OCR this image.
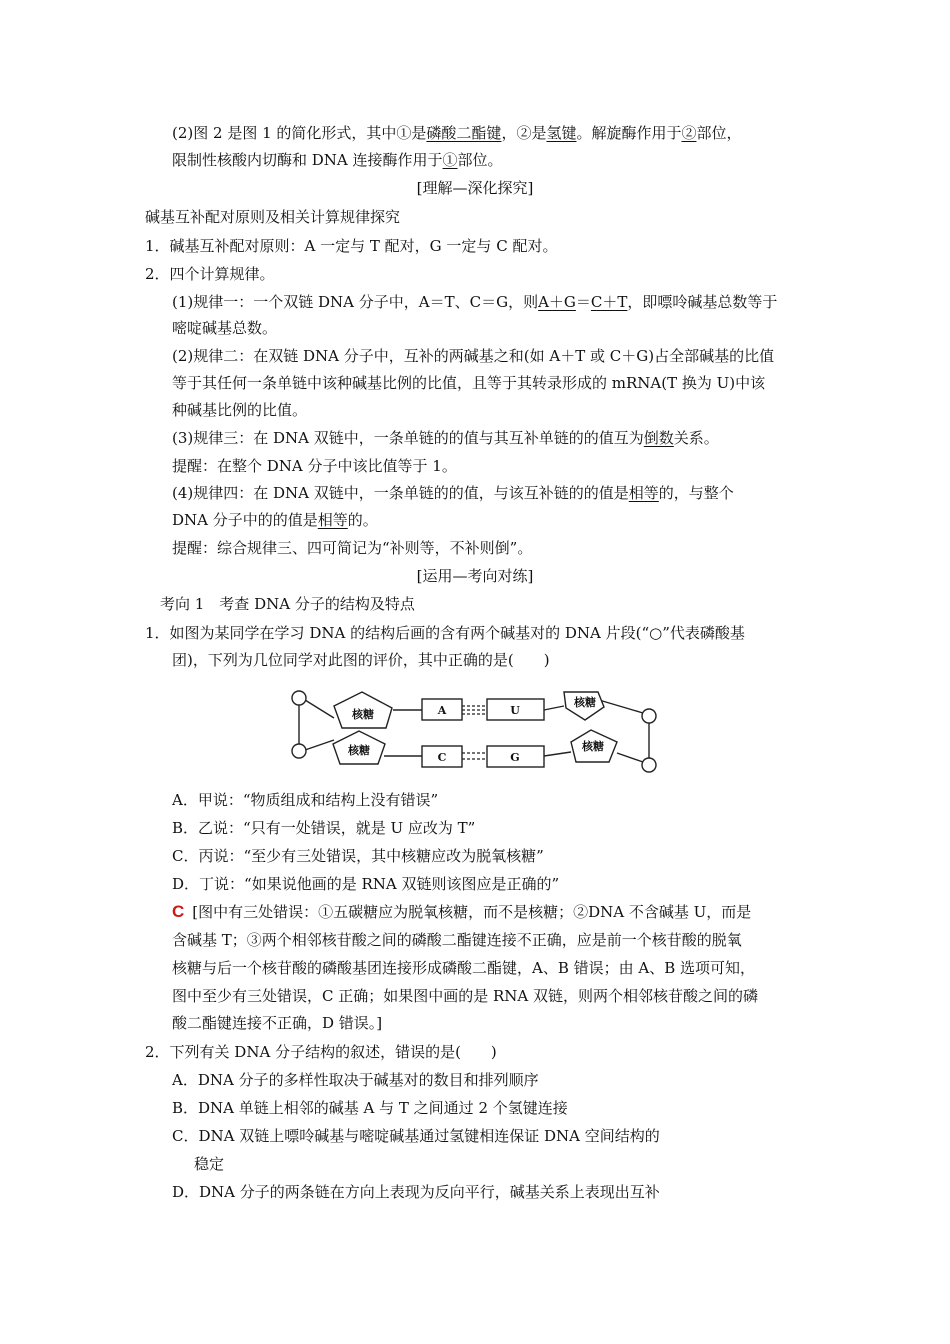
(2)图 2 是图 1 的简化形式，其中①是磷酸二酯键，②是氢键。解旋酶作用于②部位，
限制性核酸内切酶和 DNA 连接酶作用于①部位。
[理解—深化探究]
碱基互补配对原则及相关计算规律探究
1．碱基互补配对原则：A 一定与 T 配对，G 一定与 C 配对。
2．四个计算规律。
(1)规律一：一个双链 DNA 分子中，A＝T、C＝G，则A＋G＝C＋T，即嘌呤碱基总数等于
嘧啶碱基总数。
(2)规律二：在双链 DNA 分子中，互补的两碱基之和(如 A＋T 或 C＋G)占全部碱基的比值
等于其任何一条单链中该种碱基比例的比值，且等于其转录形成的 mRNA(T 换为 U)中该
种碱基比例的比值。
(3)规律三：在 DNA 双链中，一条单链的的值与其互补单链的的值互为倒数关系。
提醒：在整个 DNA 分子中该比值等于 1。
(4)规律四：在 DNA 双链中，一条单链的的值，与该互补链的的值是相等的，与整个
DNA 分子中的的值是相等的。
提醒：综合规律三、四可简记为“补则等，不补则倒”。
[运用—考向对练]
考向 1　考查 DNA 分子的结构及特点
1．如图为某同学在学习 DNA 的结构后画的含有两个碱基对的 DNA 片段(“○”代表磷酸基
团)，下列为几位同学对此图的评价，其中正确的是(　　)
核糖
核糖
核糖
核糖
A	U
C	G
A．甲说：“物质组成和结构上没有错误”
B．乙说：“只有一处错误，就是 U 应改为 T”
C．丙说：“至少有三处错误，其中核糖应改为脱氧核糖”
D．丁说：“如果说他画的是 RNA 双链则该图应是正确的”
C [图中有三处错误：①五碳糖应为脱氧核糖，而不是核糖；②DNA 不含碱基 U，而是
含碱基 T；③两个相邻核苷酸之间的磷酸二酯键连接不正确，应是前一个核苷酸的脱氧
核糖与后一个核苷酸的磷酸基团连接形成磷酸二酯键，A、B 错误；由 A、B 选项可知，
图中至少有三处错误，C 正确；如果图中画的是 RNA 双链，则两个相邻核苷酸之间的磷
酸二酯键连接不正确，D 错误。]
2．下列有关 DNA 分子结构的叙述，错误的是(　　)
A．DNA 分子的多样性取决于碱基对的数目和排列顺序
B．DNA 单链上相邻的碱基 A 与 T 之间通过 2 个氢键连接
C．DNA 双链上嘌呤碱基与嘧啶碱基通过氢键相连保证 DNA 空间结构的
稳定
D．DNA 分子的两条链在方向上表现为反向平行，碱基关系上表现出互补
